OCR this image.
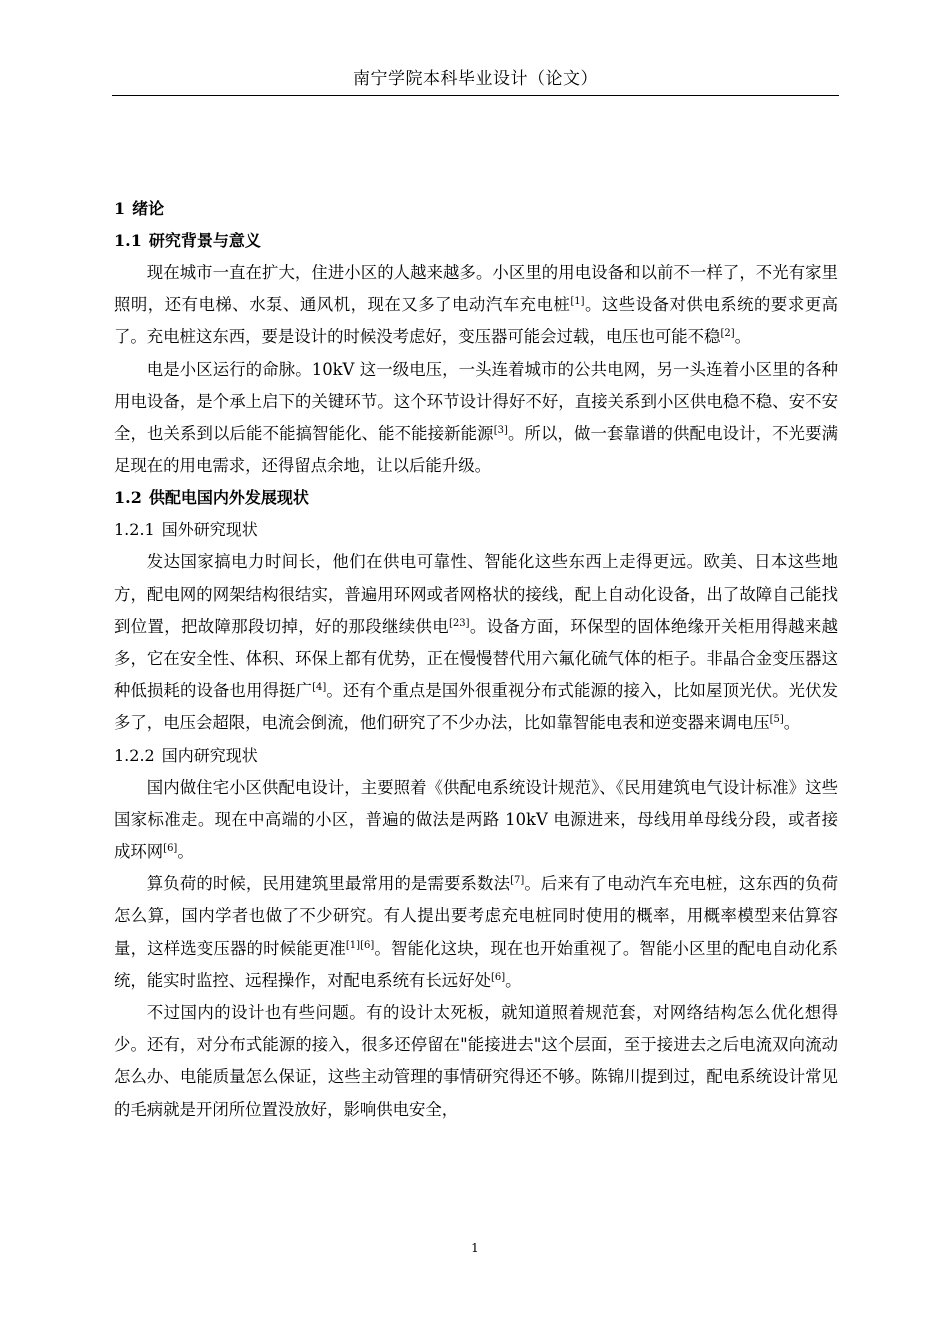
南宁学院本科毕业设计（论文）
1 绪论
1.1 研究背景与意义

现在城市一直在扩大，住进小区的人越来越多。小区里的用电设备和以前不一样了，不光有家里照明，还有电梯、水泵、通风机，现在又多了电动汽车充电桩[1]。这些设备对供电系统的要求更高了。充电桩这东西，要是设计的时候没考虑好，变压器可能会过载，电压也可能不稳[2]。

电是小区运行的命脉。10kV 这一级电压，一头连着城市的公共电网，另一头连着小区里的各种用电设备，是个承上启下的关键环节。这个环节设计得好不好，直接关系到小区供电稳不稳、安不安全，也关系到以后能不能搞智能化、能不能接新能源[3]。所以，做一套靠谱的供配电设计，不光要满足现在的用电需求，还得留点余地，让以后能升级。

1.2 供配电国内外发展现状
1.2.1 国外研究现状

发达国家搞电力时间长，他们在供电可靠性、智能化这些东西上走得更远。欧美、日本这些地方，配电网的网架结构很结实，普遍用环网或者网格状的接线，配上自动化设备，出了故障自己能找到位置，把故障那段切掉，好的那段继续供电[23]。设备方面，环保型的固体绝缘开关柜用得越来越多，它在安全性、体积、环保上都有优势，正在慢慢替代用六氟化硫气体的柜子。非晶合金变压器这种低损耗的设备也用得挺广[4]。还有个重点是国外很重视分布式能源的接入，比如屋顶光伏。光伏发多了，电压会超限，电流会倒流，他们研究了不少办法，比如靠智能电表和逆变器来调电压[5]。

1.2.2 国内研究现状

国内做住宅小区供配电设计，主要照着《供配电系统设计规范》、《民用建筑电气设计标准》这些国家标准走。现在中高端的小区，普遍的做法是两路 10kV 电源进来，母线用单母线分段，或者接成环网[6]。

算负荷的时候，民用建筑里最常用的是需要系数法[7]。后来有了电动汽车充电桩，这东西的负荷怎么算，国内学者也做了不少研究。有人提出要考虑充电桩同时使用的概率，用概率模型来估算容量，这样选变压器的时候能更准[1][6]。智能化这块，现在也开始重视了。智能小区里的配电自动化系统，能实时监控、远程操作，对配电系统有长远好处[6]。

不过国内的设计也有些问题。有的设计太死板，就知道照着规范套，对网络结构怎么优化想得少。还有，对分布式能源的接入，很多还停留在"能接进去"这个层面，至于接进去之后电流双向流动怎么办、电能质量怎么保证，这些主动管理的事情研究得还不够。陈锦川提到过，配电系统设计常见的毛病就是开闭所位置没放好，影响供电安全，

1
